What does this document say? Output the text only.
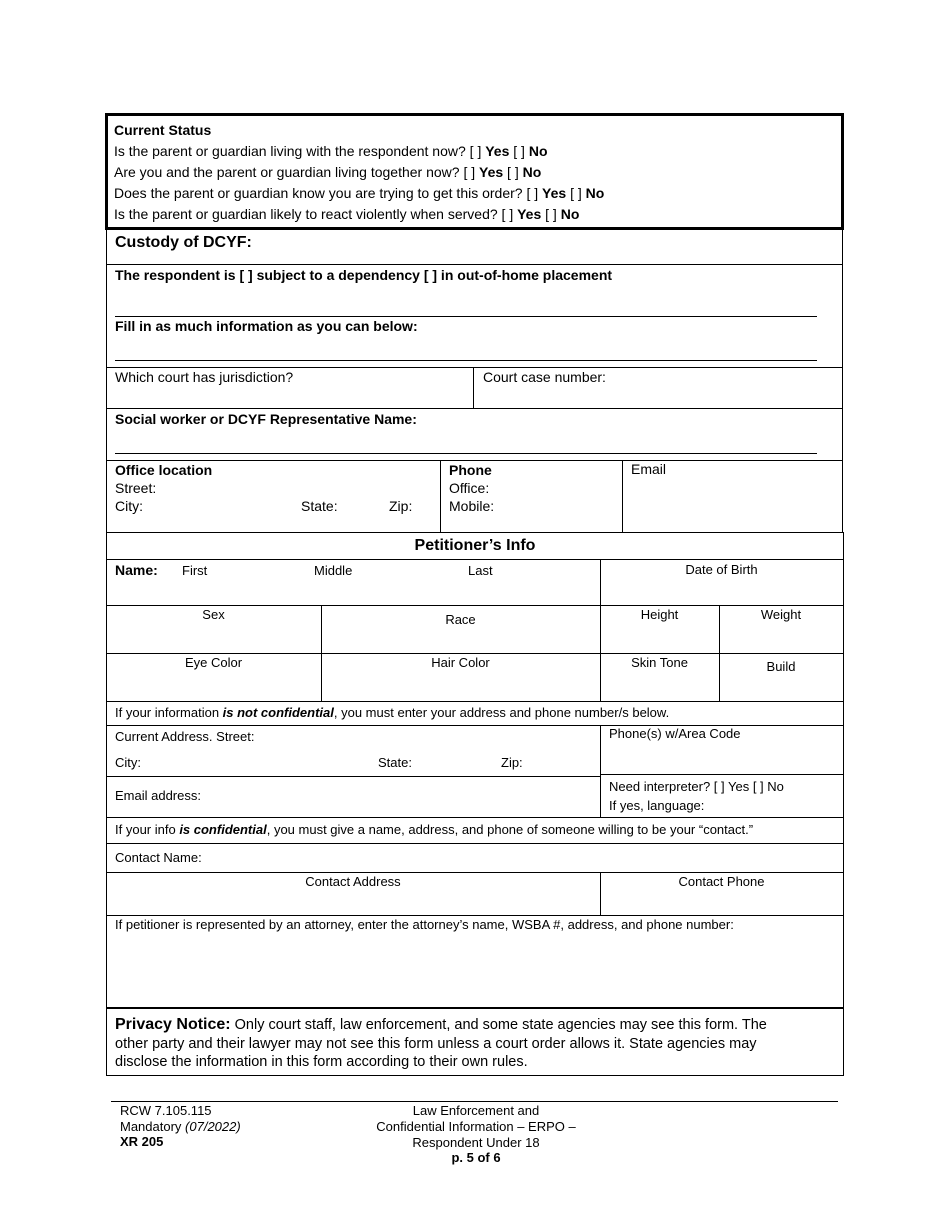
Current Status
Is the parent or guardian living with the respondent now? [ ] Yes [ ] No
Are you and the parent or guardian living together now? [ ] Yes [ ] No
Does the parent or guardian know you are trying to get this order? [ ] Yes [ ] No
Is the parent or guardian likely to react violently when served? [ ] Yes [ ] No
Custody of DCYF:
The respondent is [ ] subject to a dependency [ ] in out-of-home placement
Fill in as much information as you can below:
Which court has jurisdiction?	Court case number:
Social worker or DCYF Representative Name:
Office location
Street:
City:	State:	Zip:
Phone
Office:
Mobile:
Email
Petitioner’s Info
Name: First	Middle	Last	Date of Birth
Sex	Race	Height	Weight
Eye Color	Hair Color	Skin Tone	Build
If your information is not confidential, you must enter your address and phone number/s below.
Current Address. Street:	Phone(s) w/Area Code
City:	State:	Zip:
Email address:
Need interpreter? [ ] Yes [ ] No
If yes, language:
If your info is confidential, you must give a name, address, and phone of someone willing to be your “contact.”
Contact Name:
Contact Address	Contact Phone
If petitioner is represented by an attorney, enter the attorney’s name, WSBA #, address, and phone number:
Privacy Notice: Only court staff, law enforcement, and some state agencies may see this form. The
other party and their lawyer may not see this form unless a court order allows it. State agencies may
disclose the information in this form according to their own rules.
RCW 7.105.115
Mandatory (07/2022)
XR 205
Law Enforcement and
Confidential Information – ERPO –
Respondent Under 18
p. 5 of 6
